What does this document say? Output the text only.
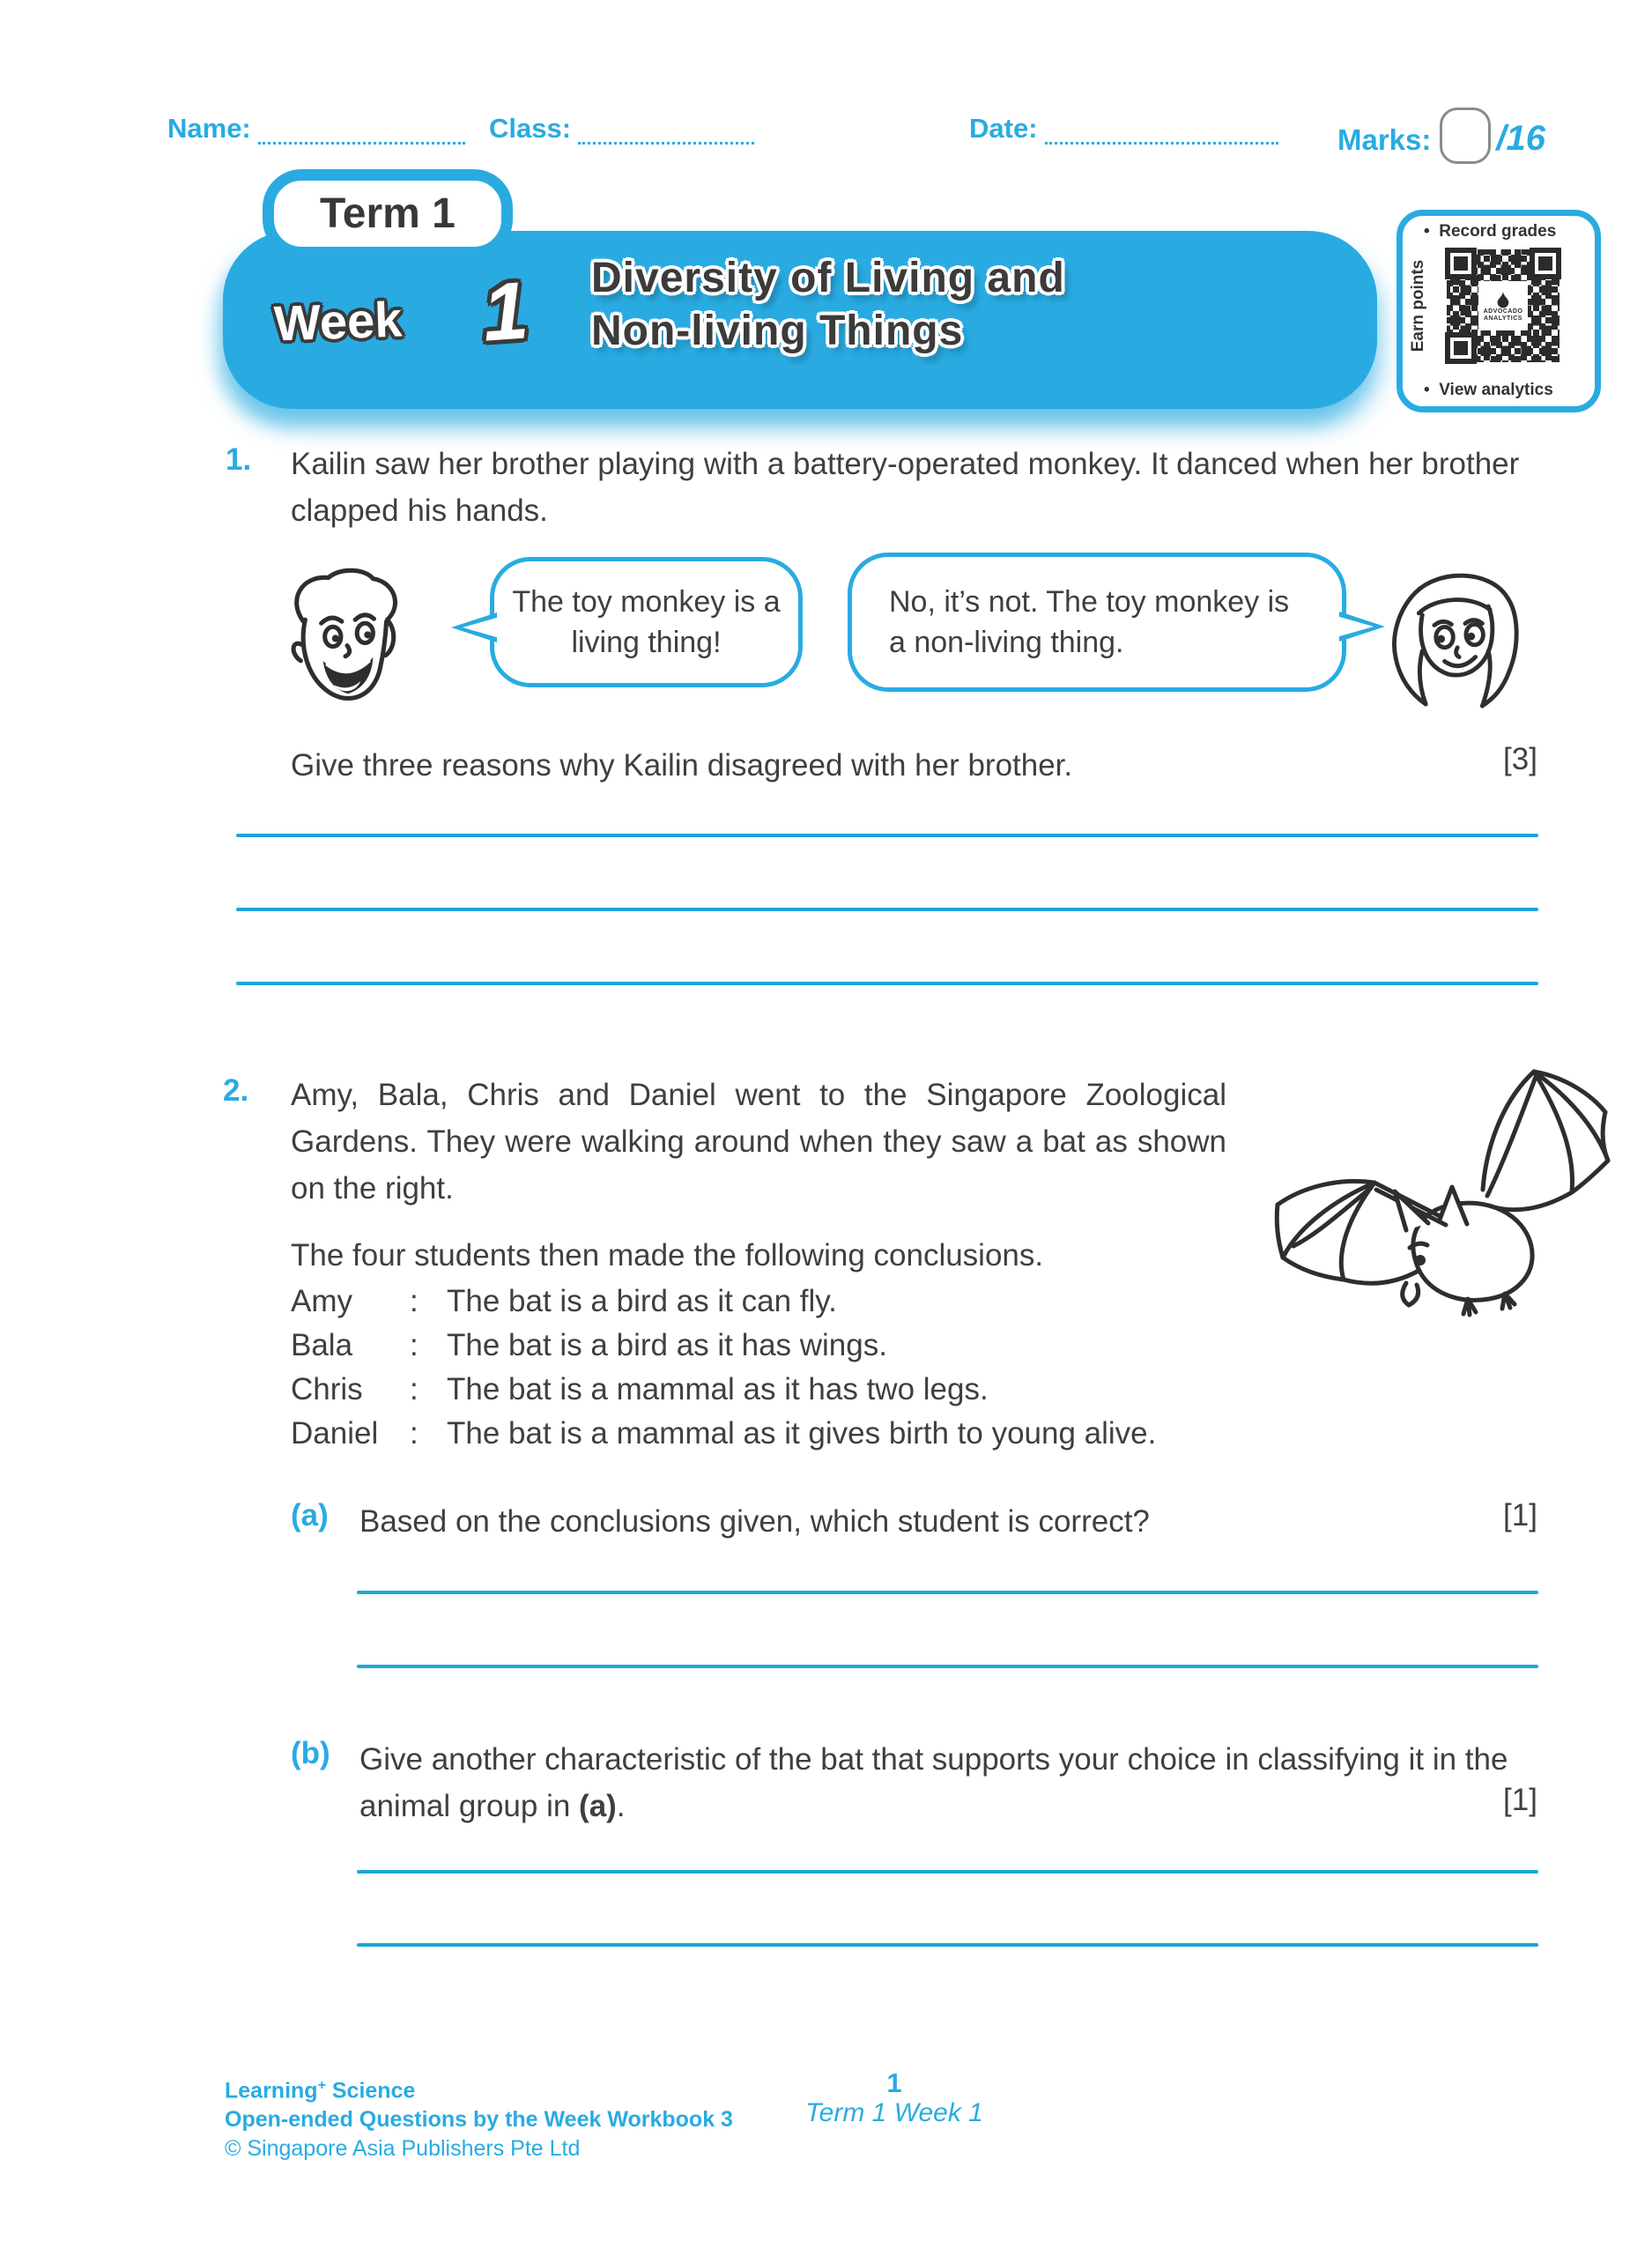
Name:	Class:	Date:	Marks: /16
Term 1
Week 1 Diversity of Living and
Non-living Things
• Record grades
Earn points	ADVOCADO ANALYTICS
• View analytics
1. Kailin saw her brother playing with a battery-operated monkey. It danced when her brother clapped his hands.
The toy monkey is a living thing!
No, it’s not. The toy monkey is a non-living thing.
Give three reasons why Kailin disagreed with her brother.	[3]
2. Amy, Bala, Chris and Daniel went to the Singapore Zoological Gardens. They were walking around when they saw a bat as shown on the right.
The four students then made the following conclusions.
Amy	: The bat is a bird as it can fly.
Bala	: The bat is a bird as it has wings.
Chris	: The bat is a mammal as it has two legs.
Daniel	: The bat is a mammal as it gives birth to young alive.
(a) Based on the conclusions given, which student is correct?	[1]
(b) Give another characteristic of the bat that supports your choice in classifying it in the animal group in (a).	[1]
Learning+ Science
Open-ended Questions by the Week Workbook 3
© Singapore Asia Publishers Pte Ltd
1
Term 1 Week 1
